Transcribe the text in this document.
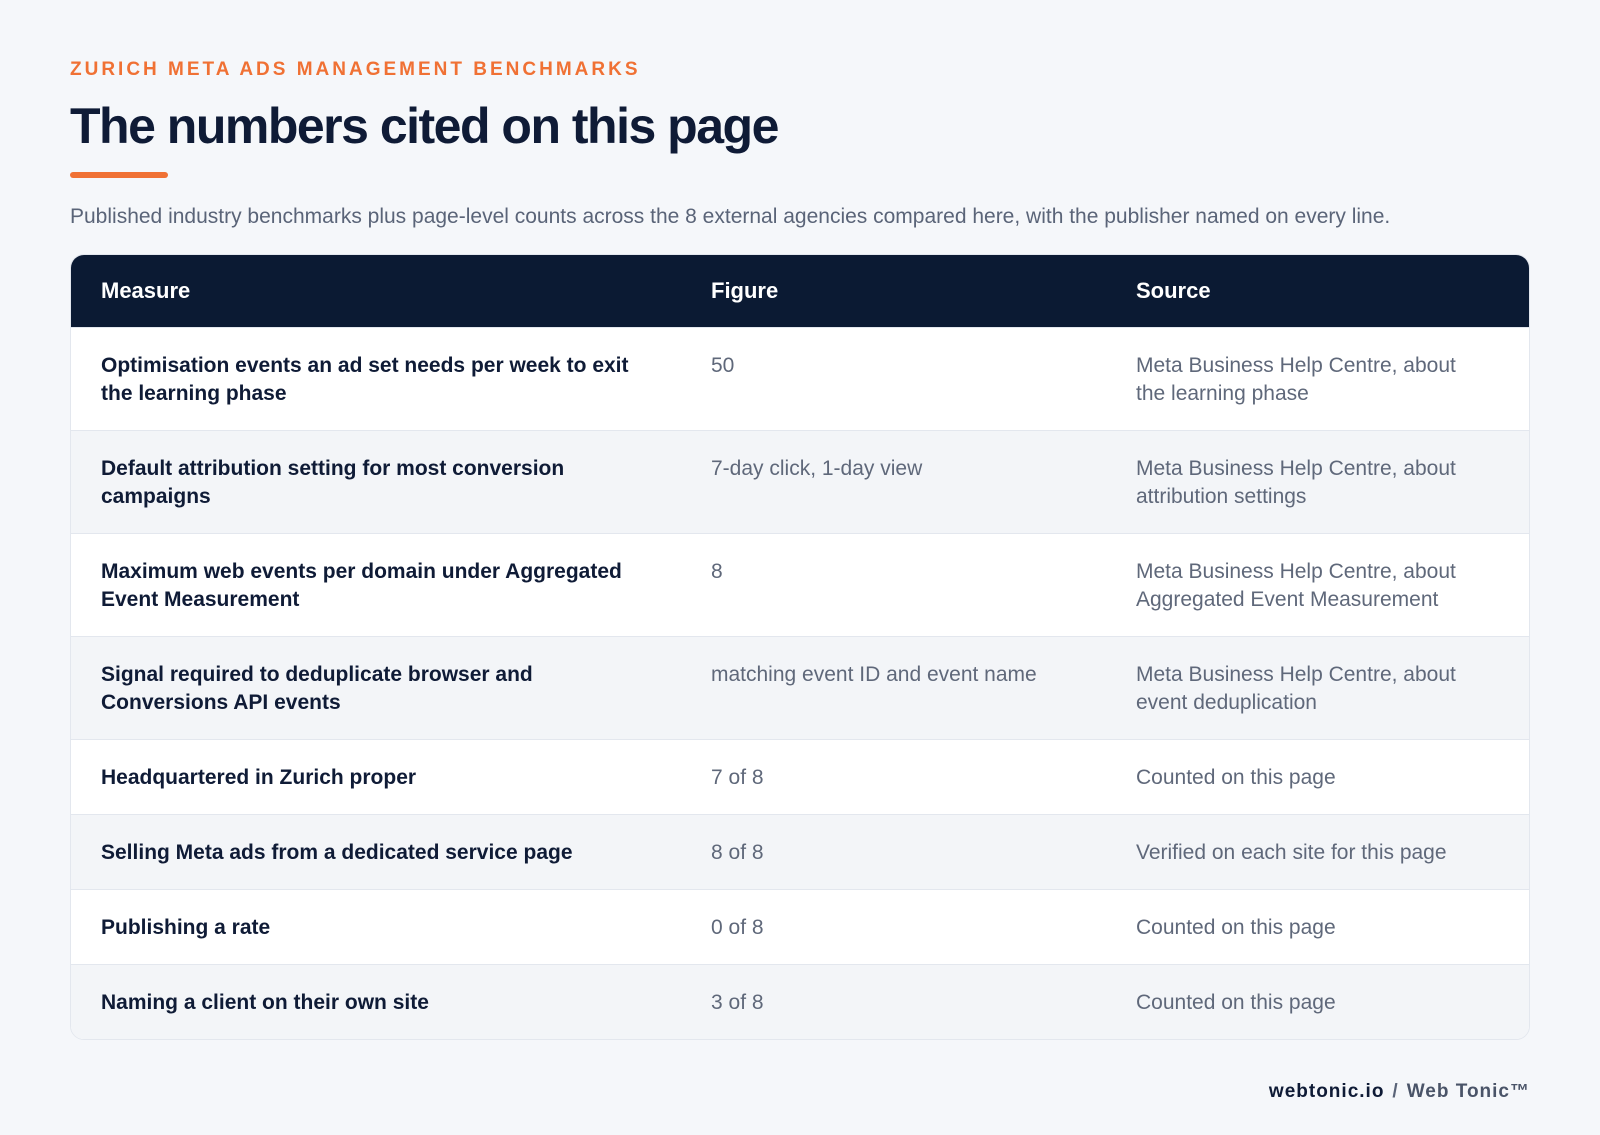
ZURICH META ADS MANAGEMENT BENCHMARKS
The numbers cited on this page
Published industry benchmarks plus page-level counts across the 8 external agencies compared here, with the publisher named on every line.
Measure	Figure	Source
Optimisation events an ad set needs per week to exit the learning phase	50	Meta Business Help Centre, about the learning phase
Default attribution setting for most conversion campaigns	7-day click, 1-day view	Meta Business Help Centre, about attribution settings
Maximum web events per domain under Aggregated Event Measurement	8	Meta Business Help Centre, about Aggregated Event Measurement
Signal required to deduplicate browser and Conversions API events	matching event ID and event name	Meta Business Help Centre, about event deduplication
Headquartered in Zurich proper	7 of 8	Counted on this page
Selling Meta ads from a dedicated service page	8 of 8	Verified on each site for this page
Publishing a rate	0 of 8	Counted on this page
Naming a client on their own site	3 of 8	Counted on this page
webtonic.io / Web Tonic™
